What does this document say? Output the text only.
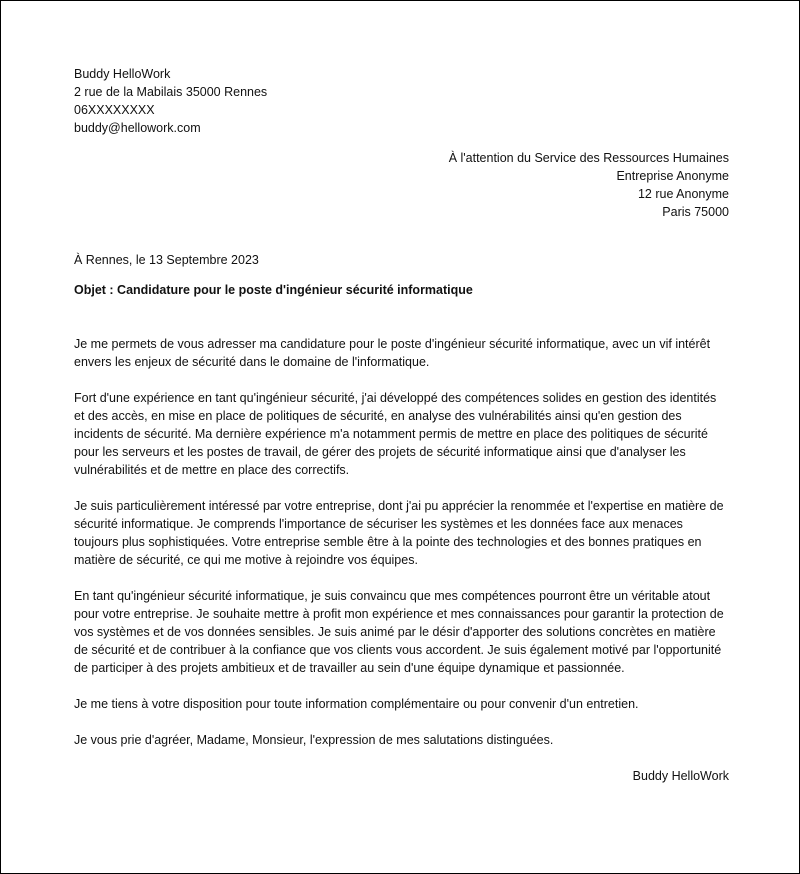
Buddy HelloWork
2 rue de la Mabilais 35000 Rennes
06XXXXXXXX
buddy@hellowork.com
À l'attention du Service des Ressources Humaines
Entreprise Anonyme
12 rue Anonyme
Paris 75000
À Rennes, le 13 Septembre 2023
Objet : Candidature pour le poste d'ingénieur sécurité informatique

Je me permets de vous adresser ma candidature pour le poste d'ingénieur sécurité informatique, avec un vif intérêt envers les enjeux de sécurité dans le domaine de l'informatique.

Fort d'une expérience en tant qu'ingénieur sécurité, j'ai développé des compétences solides en gestion des identités et des accès, en mise en place de politiques de sécurité, en analyse des vulnérabilités ainsi qu'en gestion des incidents de sécurité. Ma dernière expérience m'a notamment permis de mettre en place des politiques de sécurité pour les serveurs et les postes de travail, de gérer des projets de sécurité informatique ainsi que d'analyser les vulnérabilités et de mettre en place des correctifs.

Je suis particulièrement intéressé par votre entreprise, dont j'ai pu apprécier la renommée et l'expertise en matière de sécurité informatique. Je comprends l'importance de sécuriser les systèmes et les données face aux menaces toujours plus sophistiquées. Votre entreprise semble être à la pointe des technologies et des bonnes pratiques en matière de sécurité, ce qui me motive à rejoindre vos équipes.

En tant qu'ingénieur sécurité informatique, je suis convaincu que mes compétences pourront être un véritable atout pour votre entreprise. Je souhaite mettre à profit mon expérience et mes connaissances pour garantir la protection de vos systèmes et de vos données sensibles. Je suis animé par le désir d'apporter des solutions concrètes en matière de sécurité et de contribuer à la confiance que vos clients vous accordent. Je suis également motivé par l'opportunité de participer à des projets ambitieux et de travailler au sein d'une équipe dynamique et passionnée.

Je me tiens à votre disposition pour toute information complémentaire ou pour convenir d'un entretien.

Je vous prie d'agréer, Madame, Monsieur, l'expression de mes salutations distinguées.

Buddy HelloWork
